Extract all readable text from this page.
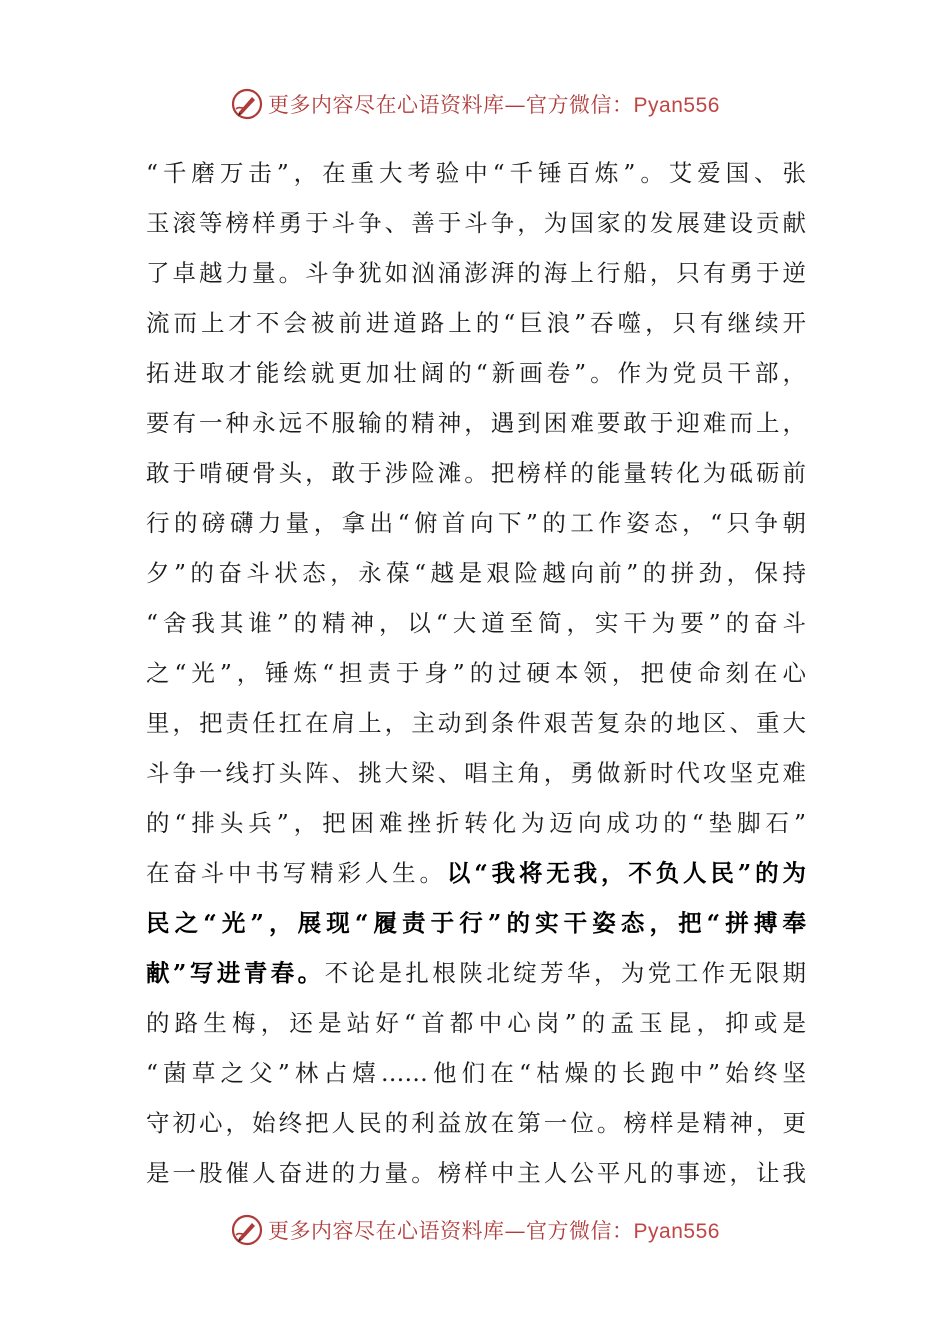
更多内容尽在心语资料库—官方微信：Pyan556
“千磨万击”，在重大考验中“千锤百炼”。艾爱国、张
玉滚等榜样勇于斗争、善于斗争，为国家的发展建设贡献
了卓越力量。斗争犹如汹涌澎湃的海上行船，只有勇于逆
流而上才不会被前进道路上的“巨浪”吞噬，只有继续开
拓进取才能绘就更加壮阔的“新画卷”。作为党员干部，
要有一种永远不服输的精神，遇到困难要敢于迎难而上，
敢于啃硬骨头，敢于涉险滩。把榜样的能量转化为砥砺前
行的磅礴力量，拿出“俯首向下”的工作姿态，“只争朝
夕”的奋斗状态，永葆“越是艰险越向前”的拼劲，保持
“舍我其谁”的精神，以“大道至简，实干为要”的奋斗
之“光”，锤炼“担责于身”的过硬本领，把使命刻在心
里，把责任扛在肩上，主动到条件艰苦复杂的地区、重大
斗争一线打头阵、挑大梁、唱主角，勇做新时代攻坚克难
的“排头兵”，把困难挫折转化为迈向成功的“垫脚石”
在奋斗中书写精彩人生。以“我将无我，不负人民”的为
民之“光”，展现“履责于行”的实干姿态，把“拼搏奉
献”写进青春。不论是扎根陕北绽芳华，为党工作无限期
的路生梅，还是站好“首都中心岗”的孟玉昆，抑或是
“菌草之父”林占熺……他们在“枯燥的长跑中”始终坚
守初心，始终把人民的利益放在第一位。榜样是精神，更
是一股催人奋进的力量。榜样中主人公平凡的事迹，让我
更多内容尽在心语资料库—官方微信：Pyan556
